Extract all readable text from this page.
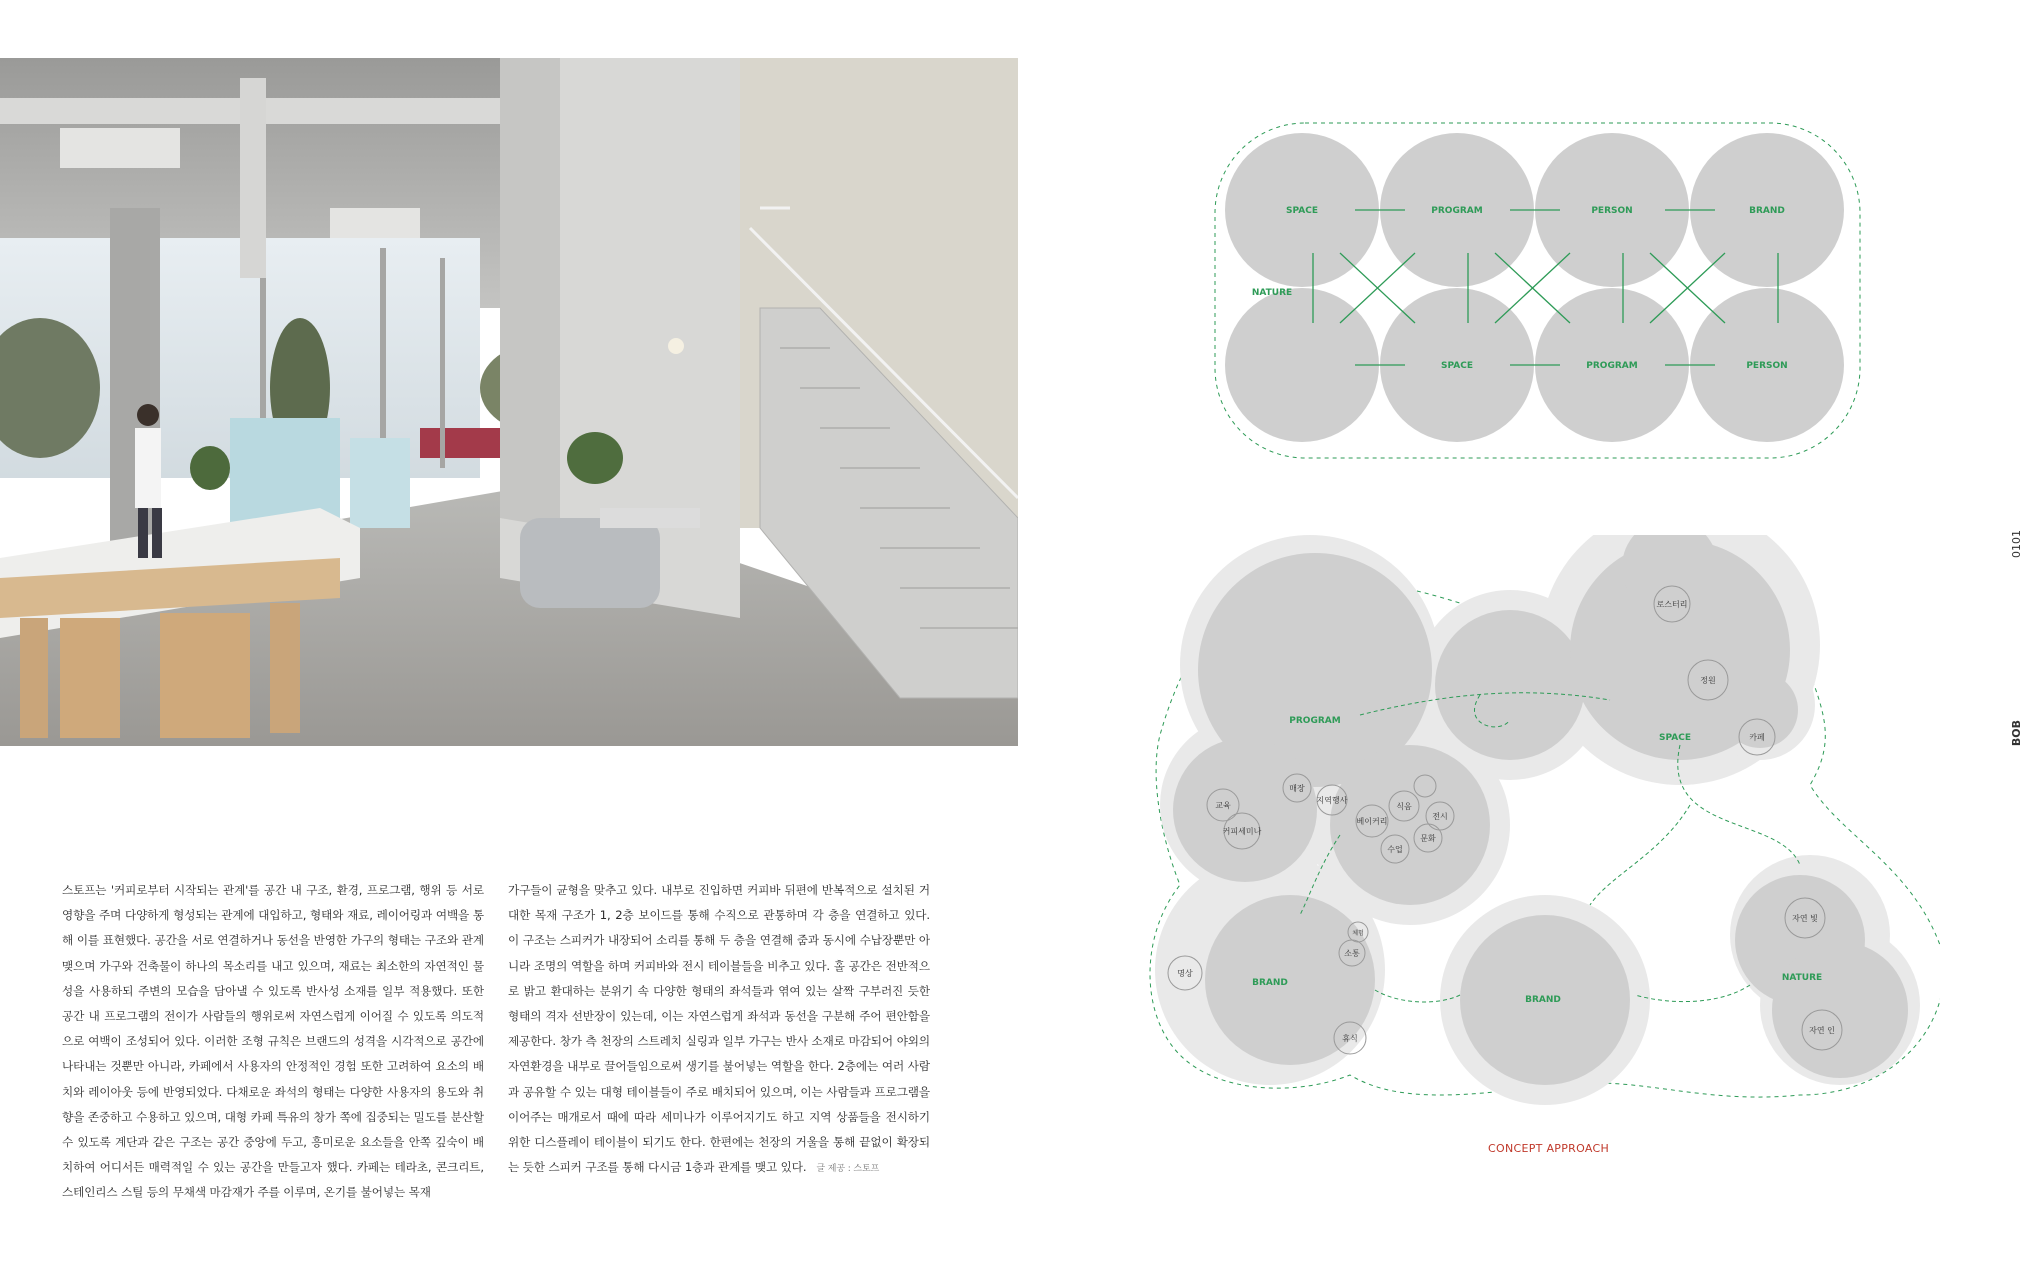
스토프는 '커피로부터 시작되는 관계'를 공간 내 구조, 환경, 프로그램, 행위 등 서로 영향을 주며 다양하게 형성되는 관계에 대입하고, 형태와 재료, 레이어링과 여백을 통해 이를 표현했다. 공간을 서로 연결하거나 동선을 반영한 가구의 형태는 구조와 관계 맺으며 가구와 건축물이 하나의 목소리를 내고 있으며, 재료는 최소한의 자연적인 물성을 사용하되 주변의 모습을 담아낼 수 있도록 반사성 소재를 일부 적용했다. 또한 공간 내 프로그램의 전이가 사람들의 행위로써 자연스럽게 이어질 수 있도록 의도적으로 여백이 조성되어 있다. 이러한 조형 규칙은 브랜드의 성격을 시각적으로 공간에 나타내는 것뿐만 아니라, 카페에서 사용자의 안정적인 경험 또한 고려하여 요소의 배치와 레이아웃 등에 반영되었다. 다채로운 좌석의 형태는 다양한 사용자의 용도와 취향을 존중하고 수용하고 있으며, 대형 카페 특유의 창가 쪽에 집중되는 밀도를 분산할 수 있도록 계단과 같은 구조는 공간 중앙에 두고, 흥미로운 요소들을 안쪽 깊숙이 배치하여 어디서든 매력적일 수 있는 공간을 만들고자 했다. 카페는 테라초, 콘크리트, 스테인리스 스틸 등의 무채색 마감재가 주를 이루며, 온기를 불어넣는 목재

가구들이 균형을 맞추고 있다. 내부로 진입하면 커피바 뒤편에 반복적으로 설치된 거대한 목재 구조가 1, 2층 보이드를 통해 수직으로 관통하며 각 층을 연결하고 있다. 이 구조는 스피커가 내장되어 소리를 통해 두 층을 연결해 줌과 동시에 수납장뿐만 아니라 조명의 역할을 하며 커피바와 전시 테이블들을 비추고 있다. 홀 공간은 전반적으로 밝고 환대하는 분위기 속 다양한 형태의 좌석들과 엮여 있는 살짝 구부러진 듯한 형태의 격자 선반장이 있는데, 이는 자연스럽게 좌석과 동선을 구분해 주어 편안함을 제공한다. 창가 측 천장의 스트레치 실링과 일부 가구는 반사 소재로 마감되어 야외의 자연환경을 내부로 끌어들임으로써 생기를 불어넣는 역할을 한다. 2층에는 여러 사람과 공유할 수 있는 대형 테이블들이 주로 배치되어 있으며, 이는 사람들과 프로그램을 이어주는 매개로서 때에 따라 세미나가 이루어지기도 하고 지역 상품들을 전시하기 위한 디스플레이 테이블이 되기도 한다. 한편에는 천장의 거울을 통해 끝없이 확장되는 듯한 스피커 구조를 통해 다시금 1층과 관계를 맺고 있다. 글 제공 : 스토프

SPACE	PROGRAM	PERSON	BRAND
SPACE	PROGRAM	PERSON
NATURE
PROGRAM
SPACE
BRAND
BRAND
NATURE
로스터리
정원
카페
교육
커피세미나
매장
지역행사
베이커리
식음
전시
수업
문화
명상
체험
소통
휴식
자연 빛
자연 인
CONCEPT APPROACH
BOB
0101
